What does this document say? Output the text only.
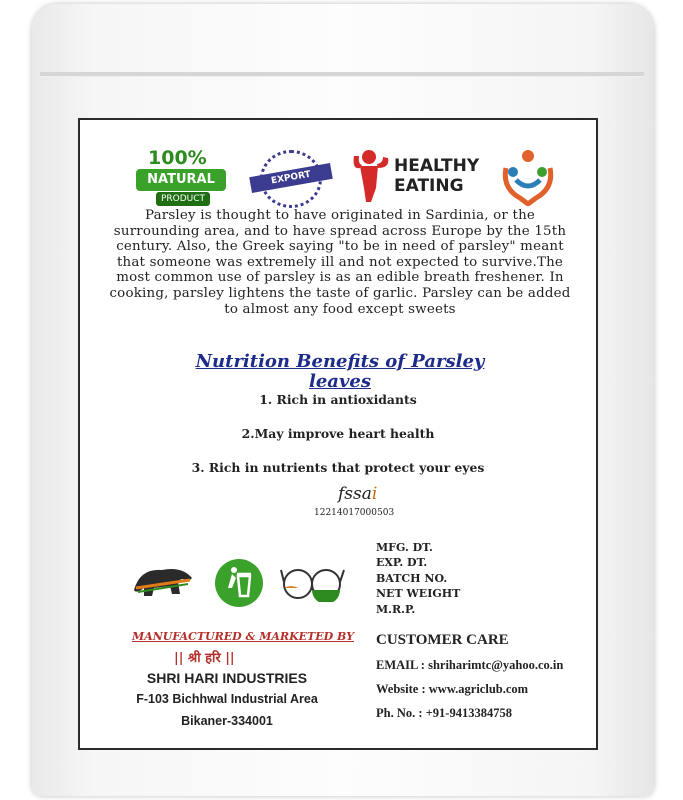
100%
NATURAL
PRODUCT
EXPORT QUALITY
HEALTHY
EATING
Parsley is thought to have originated in Sardinia, or the surrounding area, and to have spread across Europe by the 15th century. Also, the Greek saying "to be in need of parsley" meant that someone was extremely ill and not expected to survive.The most common use of parsley is as an edible breath freshener. In cooking, parsley lightens the taste of garlic. Parsley can be added to almost any food except sweets
Nutrition Benefits of Parsley
leaves
1. Rich in antioxidants
2.May improve heart health
3. Rich in nutrients that protect your eyes
fssai
12214017000503
MFG. DT.
EXP. DT.
BATCH NO.
NET WEIGHT
M.R.P.
MANUFACTURED & MARKETED BY
|| श्री हरि ||
SHRI HARI INDUSTRIES
F-103 Bichhwal Industrial Area
Bikaner-334001
CUSTOMER CARE
EMAIL : shriharimtc@yahoo.co.in
Website : www.agriclub.com
Ph. No. : +91-9413384758
